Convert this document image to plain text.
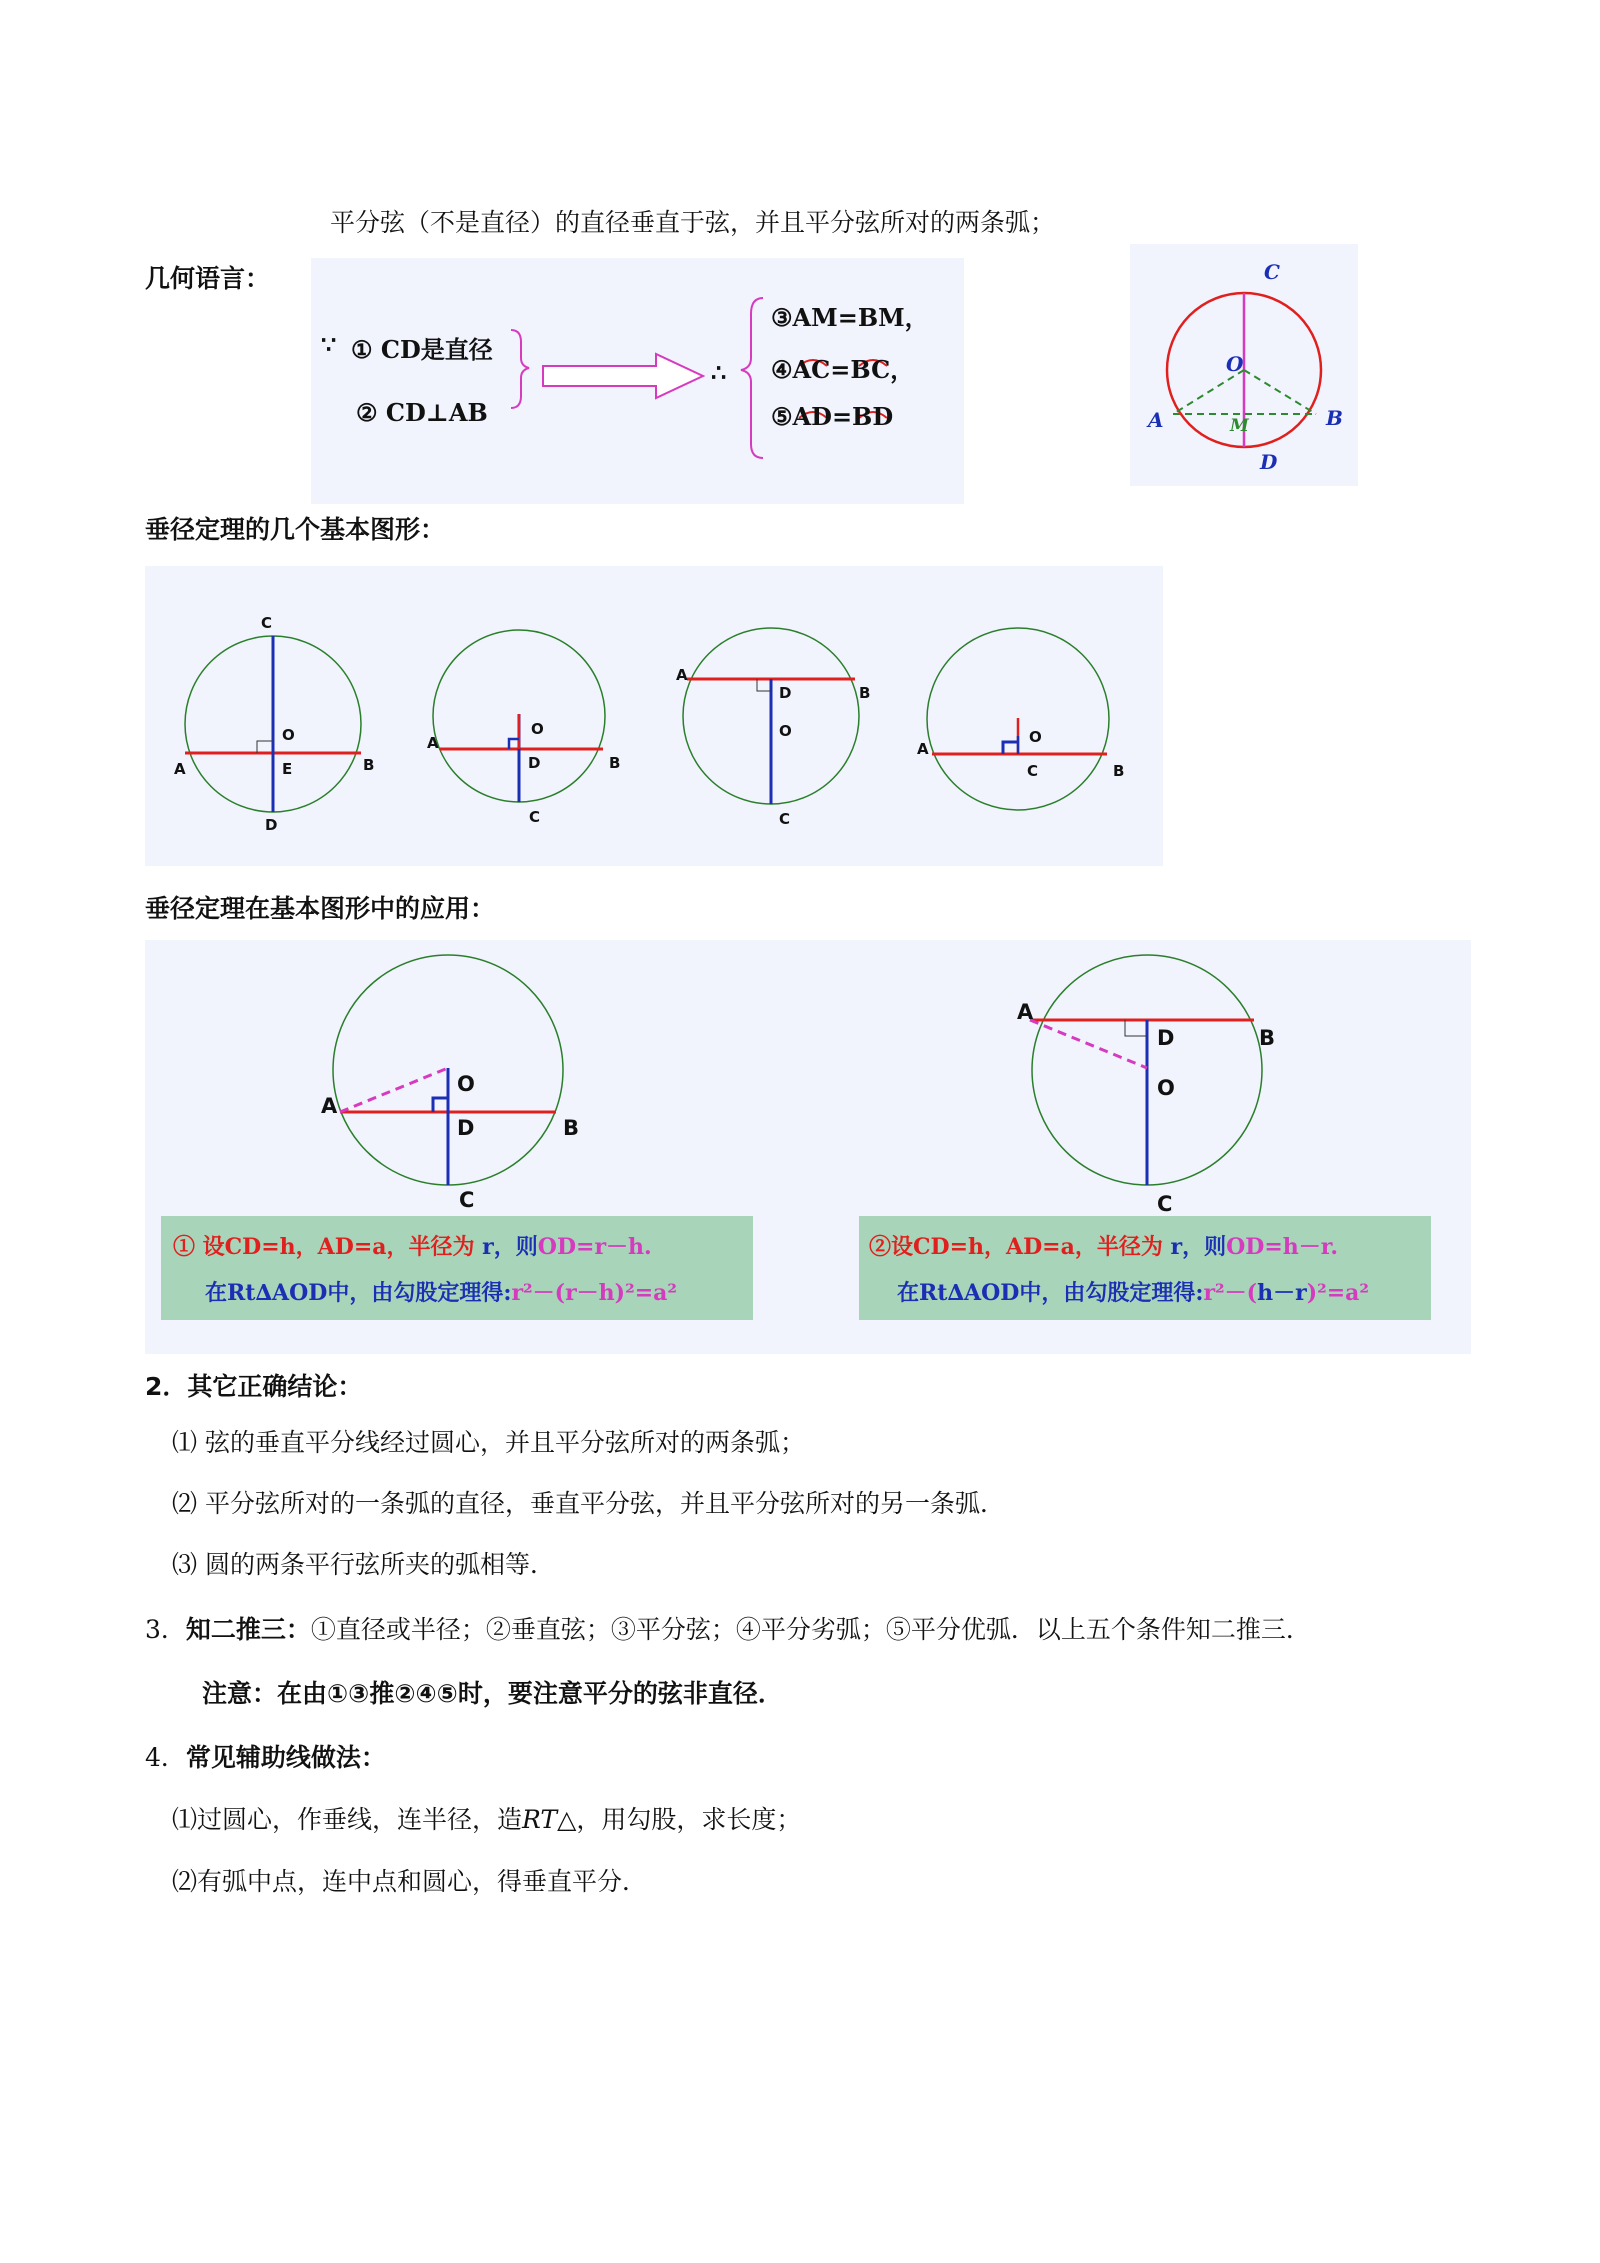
平分弦（不是直径）的直径垂直于弦，并且平分弦所对的两条弧；
几何语言：
∵ ① CD是直径
② CD⊥AB
∴
③AM=BM，
④AC=BC，
⑤AD=BD
C
O
A	B
M
D
垂径定理的几个基本图形：
C
O
A	E	B
D
O
A
D	B
C
A
D	B
O
C
O
A
C	B
垂径定理在基本图形中的应用：
O
A
D	B
C
A
D	B
O
C
① 设CD=h，AD=a，半径为 r，则OD=r－h.
在Rt∆AOD中，由勾股定理得:r²－(r－h)²=a²
②设CD=h，AD=a，半径为 r，则OD=h－r.
在Rt∆AOD中，由勾股定理得:r²－(h－r)²=a²
2．其它正确结论：
⑴ 弦的垂直平分线经过圆心，并且平分弦所对的两条弧；
⑵ 平分弦所对的一条弧的直径，垂直平分弦，并且平分弦所对的另一条弧．
⑶ 圆的两条平行弦所夹的弧相等．
3．知二推三：①直径或半径；②垂直弦；③平分弦；④平分劣弧；⑤平分优弧．以上五个条件知二推三．
注意：在由①③推②④⑤时，要注意平分的弦非直径．
4．常见辅助线做法：
⑴过圆心，作垂线，连半径，造RT△，用勾股，求长度；
⑵有弧中点，连中点和圆心，得垂直平分．
